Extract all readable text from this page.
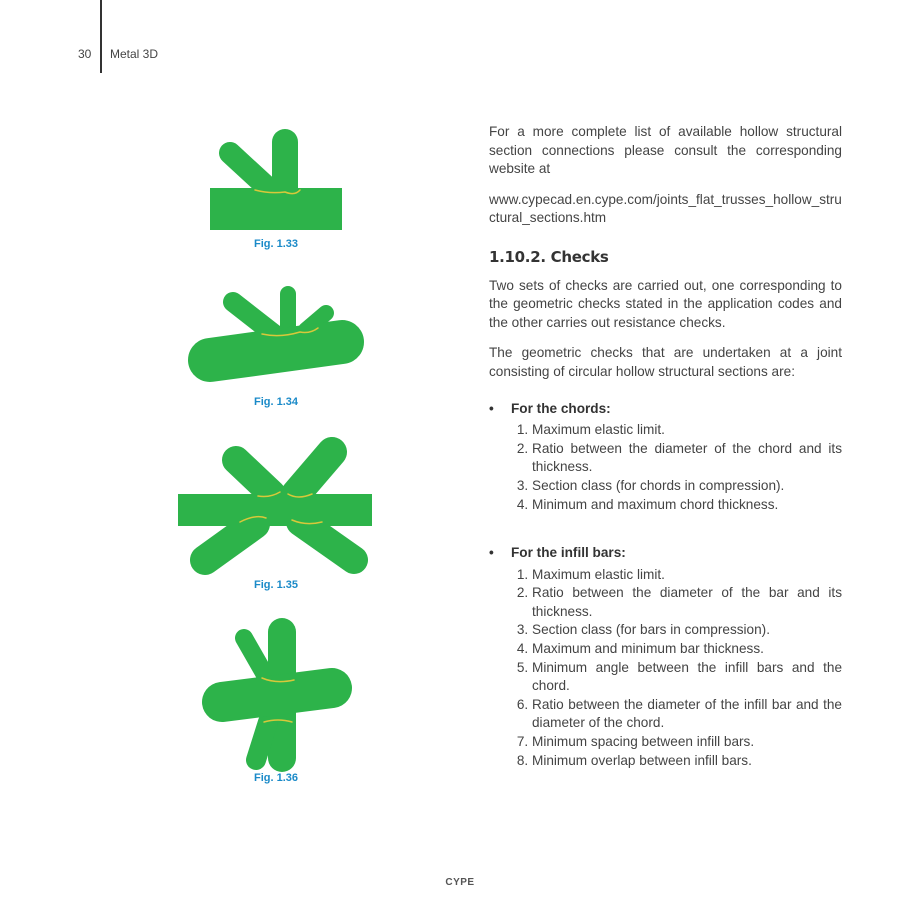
30 Metal 3D
Fig. 1.33
Fig. 1.34
Fig. 1.35
Fig. 1.36

For a more complete list of available hollow structural section connections please consult the corresponding website at

www.cypecad.en.cype.com/joints_flat_trusses_hollow_structural_sections.htm

1.10.2. Checks

Two sets of checks are carried out, one corresponding to the geometric checks stated in the application codes and the other carries out resistance checks.

The geometric checks that are undertaken at a joint consisting of circular hollow structural sections are:

• For the chords:
1. Maximum elastic limit.
2. Ratio between the diameter of the chord and its thickness.
3. Section class (for chords in compression).
4. Minimum and maximum chord thickness.
• For the infill bars:
1. Maximum elastic limit.
2. Ratio between the diameter of the bar and its thickness.
3. Section class (for bars in compression).
4. Maximum and minimum bar thickness.
5. Minimum angle between the infill bars and the chord.
6. Ratio between the diameter of the infill bar and the diameter of the chord.
7. Minimum spacing between infill bars.
8. Minimum overlap between infill bars.
CYPE
